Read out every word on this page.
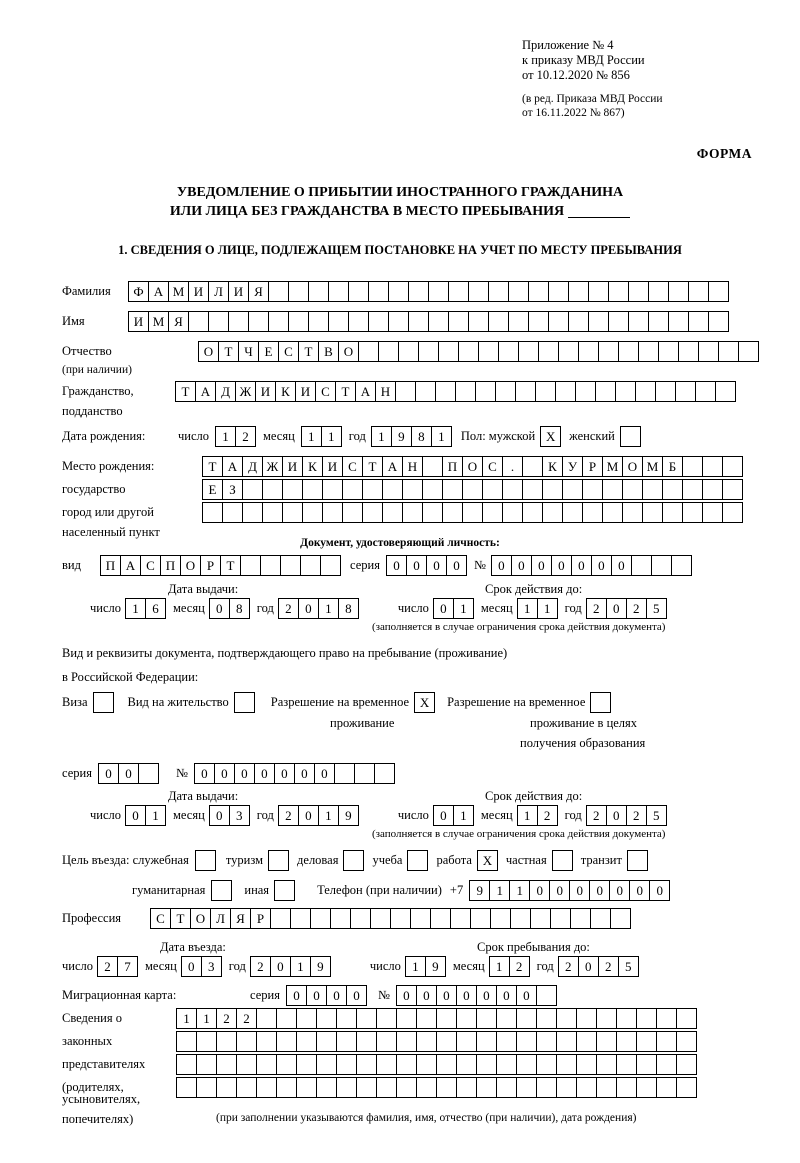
Приложение № 4
к приказу МВД России
от 10.12.2020 № 856
(в ред. Приказа МВД России
от 16.11.2022 № 867)
ФОРМА
УВЕДОМЛЕНИЕ О ПРИБЫТИИ ИНОСТРАННОГО ГРАЖДАНИНА
ИЛИ ЛИЦА БЕЗ ГРАЖДАНСТВА В МЕСТО ПРЕБЫВАНИЯ
1. СВЕДЕНИЯ О ЛИЦЕ, ПОДЛЕЖАЩЕМ ПОСТАНОВКЕ НА УЧЕТ ПО МЕСТУ ПРЕБЫВАНИЯ
Фамилия	Ф А М И Л И Я
Имя	И М Я
Отчество	О Т Ч Е С Т В О
(при наличии)
Гражданство,	Т А Д Ж И К И С Т А Н
подданство
Дата рождения:	число	1	2	месяц	1	1	год 1	9	8	1	Пол: мужской X	женский
Место рождения:	Т А Д Ж И К И С Т А Н	П О С	.	К У Р М О М Б
государство	Е З
город или другой
населенный пункт
Документ, удостоверяющий личность:
вид	П А С П О Р Т	серия	0	0	0	0	№ 0	0	0	0	0	0	0
Дата выдачи:	Срок действия до:
число 1	6	месяц 0	8	год 2	0	1	8	число 0	1	месяц 1	1	год 2	0	2	5
(заполняется в случае ограничения срока действия документа)
Вид и реквизиты документа, подтверждающего право на пребывание (проживание)
в Российской Федерации:
Виза	Вид на жительство	Разрешение на временное X	Разрешение на временное
проживание	проживание в целях
получения образования
серия	0	0	№	0	0	0	0	0	0	0
Дата выдачи:	Срок действия до:
число 0	1	месяц 0	3	год 2	0	1	9	число 0	1	месяц 1	2	год 2	0	2	5
(заполняется в случае ограничения срока действия документа)
Цель въезда: служебная	туризм	деловая	учеба	работа X	частная	транзит
гуманитарная	иная	Телефон (при наличии) +7	9	1	1	0	0	0	0	0	0	0
Профессия	С Т О Л Я Р
Дата въезда:	Срок пребывания до:
число 2	7	месяц 0	3	год 2	0	1	9	число 1	9	месяц 1	2	год 2	0	2	5
Миграционная карта:	серия	0	0	0	0	№	0	0	0	0	0	0	0
Сведения о	1	1	2	2
законных
представителях
(родителях,
усыновителях,
попечителях)	(при заполнении указываются фамилия, имя, отчество (при наличии), дата рождения)
